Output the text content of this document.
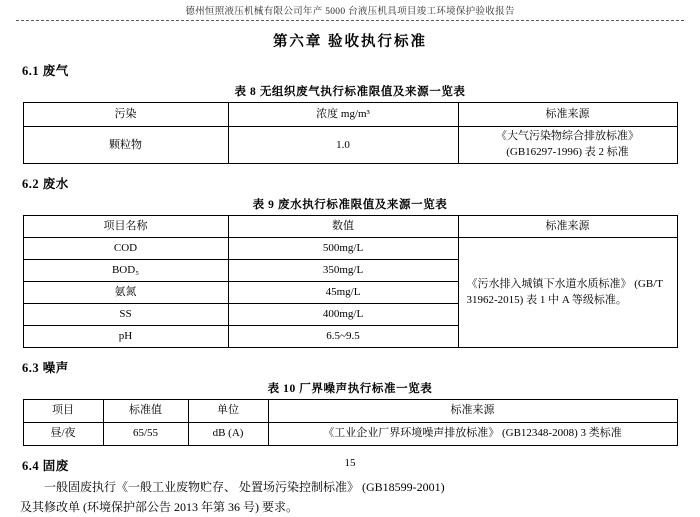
德州恒照液压机械有限公司年产 5000 台液压机具项目竣工环境保护验收报告
第六章 验收执行标准
6.1 废气
表 8 无组织废气执行标准限值及来源一览表
污染	浓度 mg/m³	标准来源
颗粒物	1.0	《大气污染物综合排放标准》
(GB16297-1996) 表 2 标准
6.2 废水
表 9 废水执行标准限值及来源一览表
项目名称	数值	标准来源
COD	500mg/L	《污水排入城镇下水道水质标准》 (GB/T 31962-2015) 表 1 中 A 等级标准。
BOD₅	350mg/L	
氨氮	45mg/L	
SS	400mg/L	
pH	6.5~9.5	
6.3 噪声
表 10 厂界噪声执行标准一览表
项目	标准值	单位	标准来源
昼/夜	65/55	dB (A)	《工业企业厂界环境噪声排放标准》 (GB12348-2008) 3 类标准
6.4 固废
一般固废执行《一般工业废物贮存、 处置场污染控制标准》 (GB18599-2001)
及其修改单 (环境保护部公告 2013 年第 36 号) 要求。
15
